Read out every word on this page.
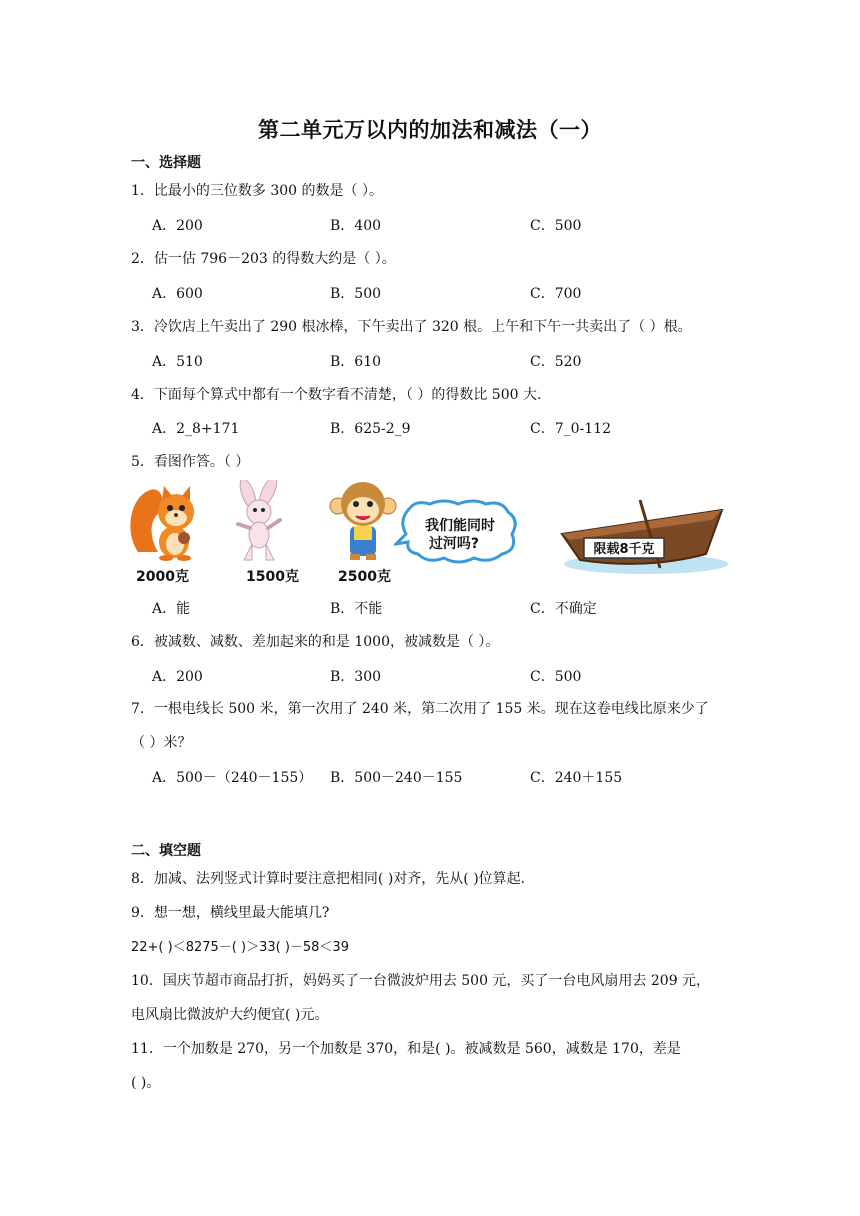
第二单元万以内的加法和减法（一）
一、选择题
1．比最小的三位数多 300 的数是（ ）。
A．200	B．400	C．500
2．估一估 796－203 的得数大约是（ ）。
A．600	B．500	C．700
3．冷饮店上午卖出了 290 根冰棒，下午卖出了 320 根。上午和下午一共卖出了（ ）根。
A．510	B．610	C．520
4．下面每个算式中都有一个数字看不清楚，（ ）的得数比 500 大.
A．2_8+171	B．625-2_9	C．7_0-112
5．看图作答。（ ）
我们能同时
过河吗?	限载8千克
2000克	1500克	2500克
A．能	B．不能	C．不确定
6．被减数、减数、差加起来的和是 1000，被减数是（ ）。
A．200	B．300	C．500
7．一根电线长 500 米，第一次用了 240 米，第二次用了 155 米。现在这卷电线比原来少了
（ ）米？
A．500－（240－155） B．500－240－155	C．240＋155
二、填空题
8．加减、法列竖式计算时要注意把相同( )对齐，先从( )位算起.
9．想一想，横线里最大能填几?
22+( )＜8275－( )＞33( )－58＜39
10．国庆节超市商品打折，妈妈买了一台微波炉用去 500 元，买了一台电风扇用去 209 元，
电风扇比微波炉大约便宜( )元。
11．一个加数是 270，另一个加数是 370，和是( )。被减数是 560，减数是 170，差是
( )。
